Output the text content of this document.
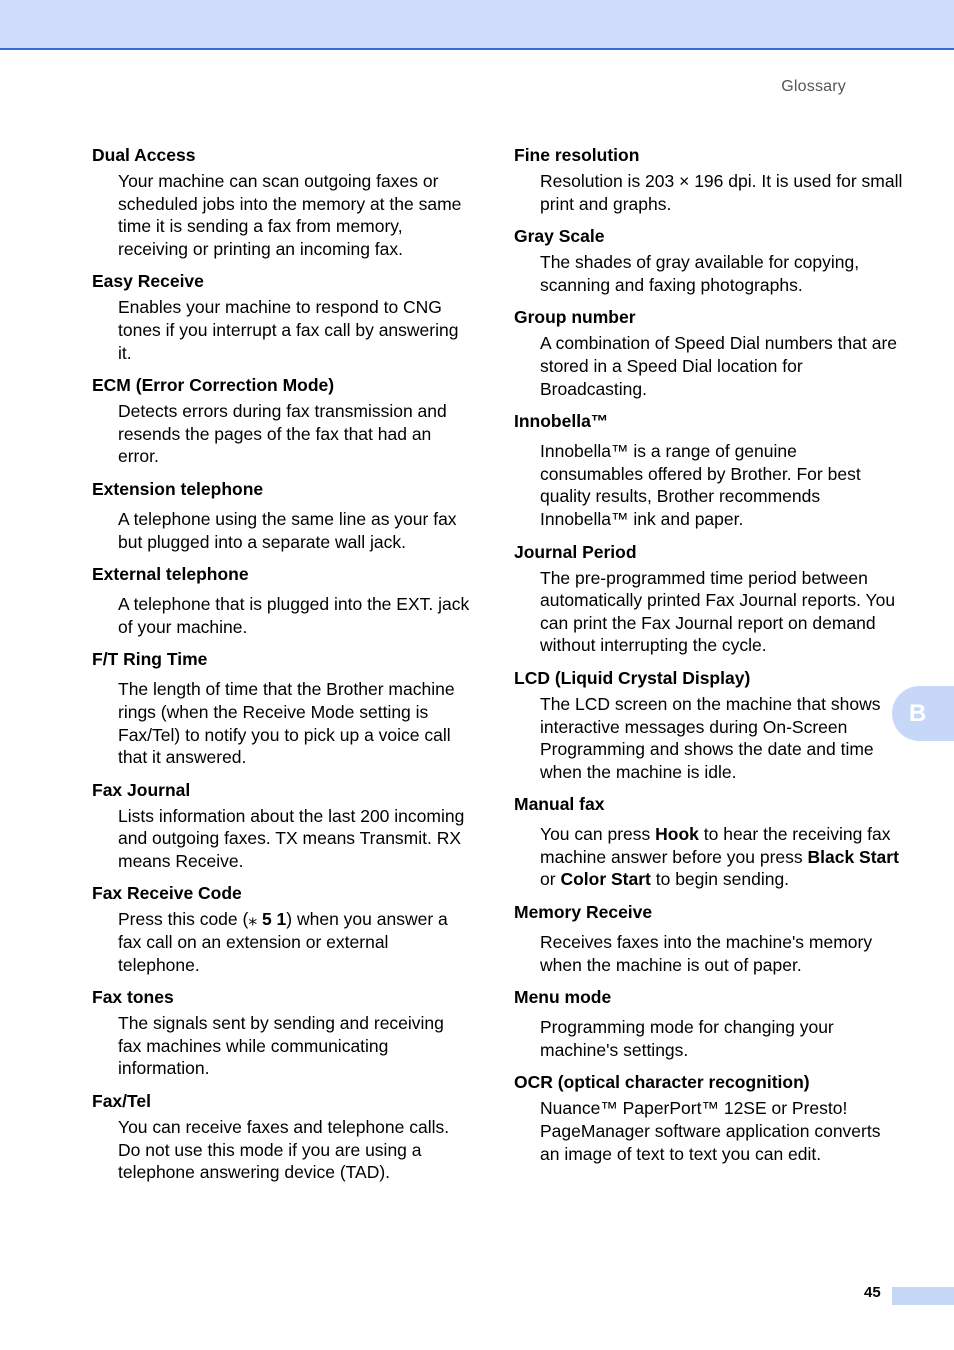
Glossary

Dual Access

Your machine can scan outgoing faxes or scheduled jobs into the memory at the same time it is sending a fax from memory, receiving or printing an incoming fax.

Easy Receive

Enables your machine to respond to CNG tones if you interrupt a fax call by answering it.

ECM (Error Correction Mode)

Detects errors during fax transmission and resends the pages of the fax that had an error.

Extension telephone

A telephone using the same line as your fax but plugged into a separate wall jack.

External telephone

A telephone that is plugged into the EXT. jack of your machine.

F/T Ring Time

The length of time that the Brother machine rings (when the Receive Mode setting is Fax/Tel) to notify you to pick up a voice call that it answered.

Fax Journal

Lists information about the last 200 incoming and outgoing faxes. TX means Transmit. RX means Receive.

Fax Receive Code

Press this code (⁎ 5 1) when you answer a fax call on an extension or external telephone.

Fax tones

The signals sent by sending and receiving fax machines while communicating information.

Fax/Tel

You can receive faxes and telephone calls. Do not use this mode if you are using a telephone answering device (TAD).

Fine resolution

Resolution is 203 × 196 dpi. It is used for small print and graphs.

Gray Scale

The shades of gray available for copying, scanning and faxing photographs.

Group number

A combination of Speed Dial numbers that are stored in a Speed Dial location for Broadcasting.

Innobella™

Innobella™ is a range of genuine consumables offered by Brother. For best quality results, Brother recommends Innobella™ ink and paper.

Journal Period

The pre-programmed time period between automatically printed Fax Journal reports. You can print the Fax Journal report on demand without interrupting the cycle.

LCD (Liquid Crystal Display)

The LCD screen on the machine that shows interactive messages during On-Screen Programming and shows the date and time when the machine is idle.

Manual fax

You can press Hook to hear the receiving fax machine answer before you press Black Start or Color Start to begin sending.

Memory Receive

Receives faxes into the machine's memory when the machine is out of paper.

Menu mode

Programming mode for changing your machine's settings.

OCR (optical character recognition)

Nuance™ PaperPort™ 12SE or Presto! PageManager software application converts an image of text to text you can edit.

B
45
